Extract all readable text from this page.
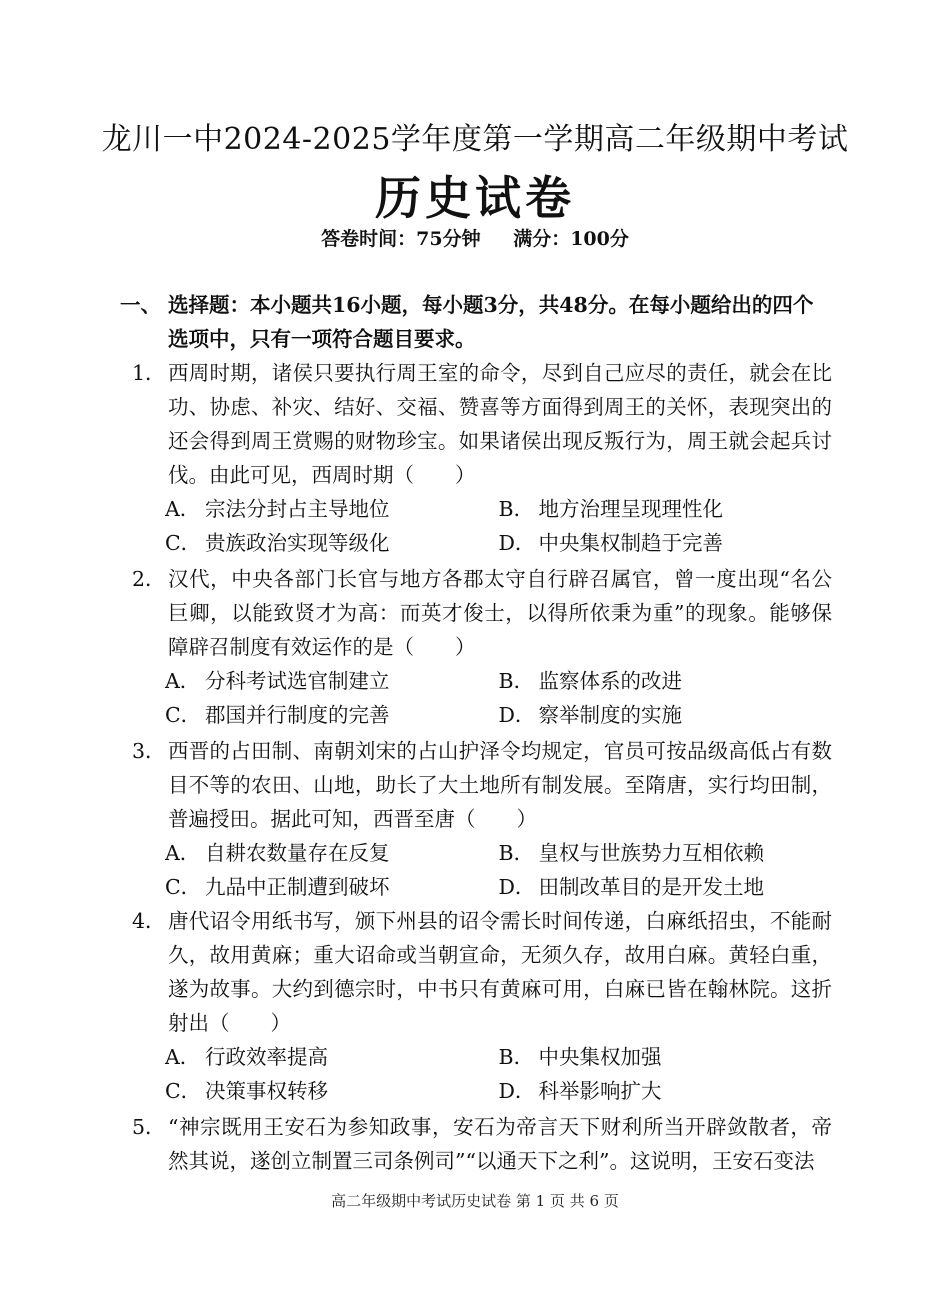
龙川一中2024-2025学年度第一学期高二年级期中考试
历史试卷
答卷时间：75分钟 满分：100分
一、 选择题：本小题共16小题，每小题3分，共48分。在每小题给出的四个选项中，只有一项符合题目要求。
1． 西周时期，诸侯只要执行周王室的命令，尽到自己应尽的责任，就会在比功、协虑、补灾、结好、交福、赞喜等方面得到周王的关怀，表现突出的还会得到周王赏赐的财物珍宝。如果诸侯出现反叛行为，周王就会起兵讨伐。由此可见，西周时期（　　）
A． 宗法分封占主导地位	B． 地方治理呈现理性化
C． 贵族政治实现等级化	D． 中央集权制趋于完善
2． 汉代，中央各部门长官与地方各郡太守自行辟召属官，曾一度出现“名公巨卿，以能致贤才为高：而英才俊士，以得所依秉为重”的现象。能够保障辟召制度有效运作的是（　　）
A． 分科考试选官制建立	B． 监察体系的改进
C． 郡国并行制度的完善	D． 察举制度的实施
3． 西晋的占田制、南朝刘宋的占山护泽令均规定，官员可按品级高低占有数目不等的农田、山地，助长了大土地所有制发展。至隋唐，实行均田制，普遍授田。据此可知，西晋至唐（　　）
A． 自耕农数量存在反复	B． 皇权与世族势力互相依赖
C． 九品中正制遭到破坏	D． 田制改革目的是开发土地
4． 唐代诏令用纸书写，颁下州县的诏令需长时间传递，白麻纸招虫，不能耐久，故用黄麻；重大诏命或当朝宣命，无须久存，故用白麻。黄轻白重，遂为故事。大约到德宗时，中书只有黄麻可用，白麻已皆在翰林院。这折射出（　　）
A． 行政效率提高	B． 中央集权加强
C． 决策事权转移	D． 科举影响扩大
5． “神宗既用王安石为参知政事，安石为帝言天下财利所当开辟敛散者，帝然其说，遂创立制置三司条例司”“以通天下之利”。这说明，王安石变法
高二年级期中考试历史试卷 第 1 页 共 6 页
